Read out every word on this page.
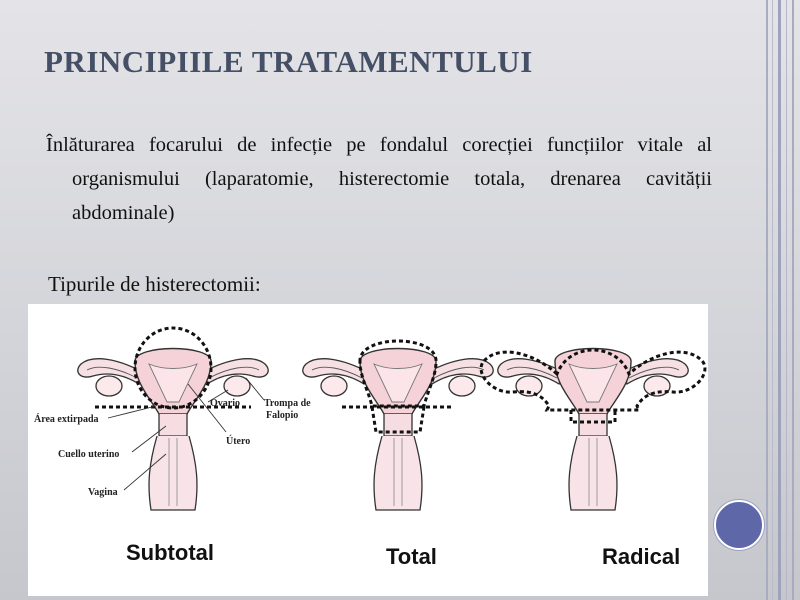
PRINCIPIILE TRATAMENTULUI
Înlăturarea focarului de infecție pe fondalul corecției funcțiilor vitale al organismului (laparatomie, histerectomie totala, drenarea cavității abdominale)
Tipurile de histerectomii:
Área extirpada
Cuello uterino
Vagina
Ovario Trompa de
Falopio
Útero
Subtotal	Total	Radical
